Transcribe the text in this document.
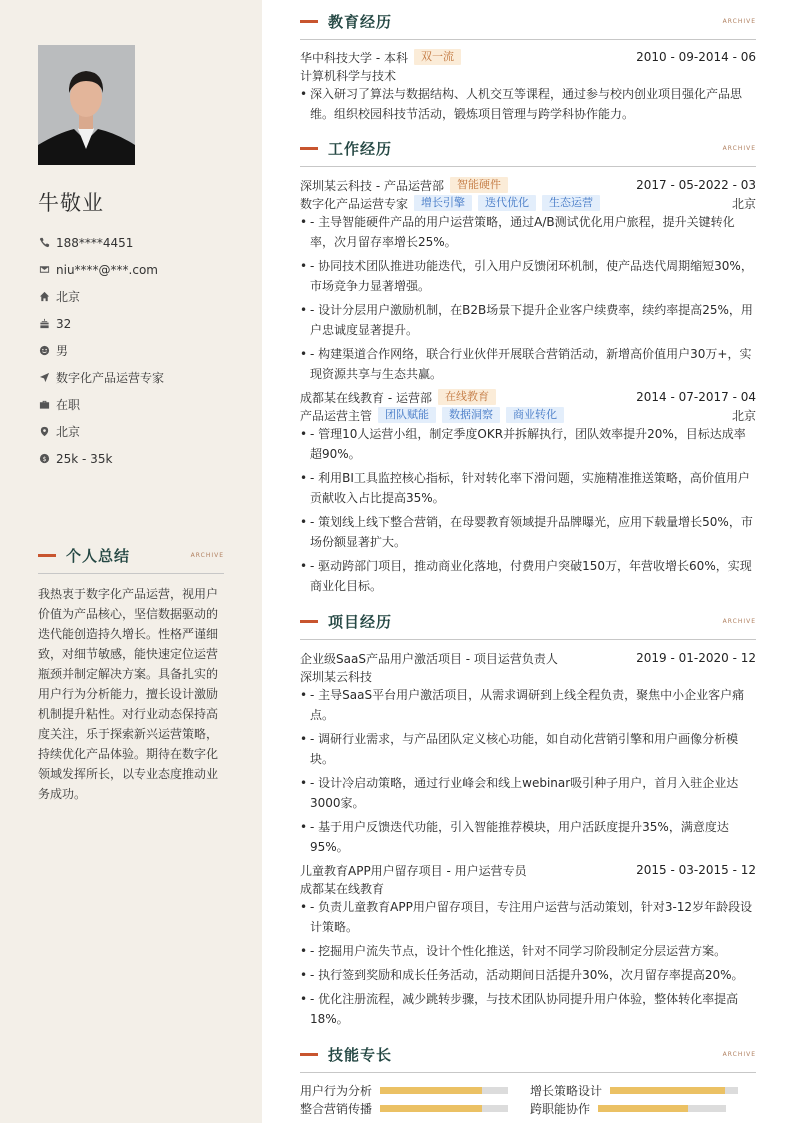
牛敬业
188****4451
niu****@***.com
北京
32
男
数字化产品运营专家
在职
北京
$ 25k - 35k
个人总结	ARCHIVE

我热衷于数字化产品运营，视用户价值为产品核心，坚信数据驱动的迭代能创造持久增长。性格严谨细致，对细节敏感，能快速定位运营瓶颈并制定解决方案。具备扎实的用户行为分析能力，擅长设计激励机制提升粘性。对行业动态保持高度关注，乐于探索新兴运营策略，持续优化产品体验。期待在数字化领域发挥所长，以专业态度推动业务成功。

教育经历	ARCHIVE
华中科技大学 - 本科	双一流	2010 - 09-2014 - 06
计算机科学与技术
• 深入研习了算法与数据结构、人机交互等课程，通过参与校内创业项目强化产品思维。组织校园科技节活动，锻炼项目管理与跨学科协作能力。
工作经历	ARCHIVE
深圳某云科技 - 产品运营部	智能硬件	2017 - 05-2022 - 03
数字化产品运营专家	增长引擎	迭代优化	生态运营	北京
• - 主导智能硬件产品的用户运营策略，通过A/B测试优化用户旅程，提升关键转化率，次月留存率增长25%。
• - 协同技术团队推进功能迭代，引入用户反馈闭环机制，使产品迭代周期缩短30%，市场竞争力显著增强。
• - 设计分层用户激励机制，在B2B场景下提升企业客户续费率，续约率提高25%，用户忠诚度显著提升。
• - 构建渠道合作网络，联合行业伙伴开展联合营销活动，新增高价值用户30万+，实现资源共享与生态共赢。
成都某在线教育 - 运营部	在线教育	2014 - 07-2017 - 04
产品运营主管	团队赋能	数据洞察	商业转化	北京
• - 管理10人运营小组，制定季度OKR并拆解执行，团队效率提升20%，目标达成率超90%。
• - 利用BI工具监控核心指标，针对转化率下滑问题，实施精准推送策略，高价值用户贡献收入占比提高35%。
• - 策划线上线下整合营销，在母婴教育领域提升品牌曝光，应用下载量增长50%，市场份额显著扩大。
• - 驱动跨部门项目，推动商业化落地，付费用户突破150万，年营收增长60%，实现商业化目标。
项目经历	ARCHIVE
企业级SaaS产品用户激活项目 - 项目运营负责人	2019 - 01-2020 - 12
深圳某云科技
• - 主导SaaS平台用户激活项目，从需求调研到上线全程负责，聚焦中小企业客户痛点。
• - 调研行业需求，与产品团队定义核心功能，如自动化营销引擎和用户画像分析模块。
• - 设计冷启动策略，通过行业峰会和线上webinar吸引种子用户，首月入驻企业达3000家。
• - 基于用户反馈迭代功能，引入智能推荐模块，用户活跃度提升35%，满意度达95%。
儿童教育APP用户留存项目 - 用户运营专员	2015 - 03-2015 - 12
成都某在线教育
• - 负责儿童教育APP用户留存项目，专注用户运营与活动策划，针对3-12岁年龄段设计策略。
• - 挖掘用户流失节点，设计个性化推送，针对不同学习阶段制定分层运营方案。
• - 执行签到奖励和成长任务活动，活动期间日活提升30%，次月留存率提高20%。
• - 优化注册流程，减少跳转步骤，与技术团队协同提升用户体验，整体转化率提高18%。
技能专长	ARCHIVE
用户行为分析	增长策略设计
整合营销传播	跨职能协作
